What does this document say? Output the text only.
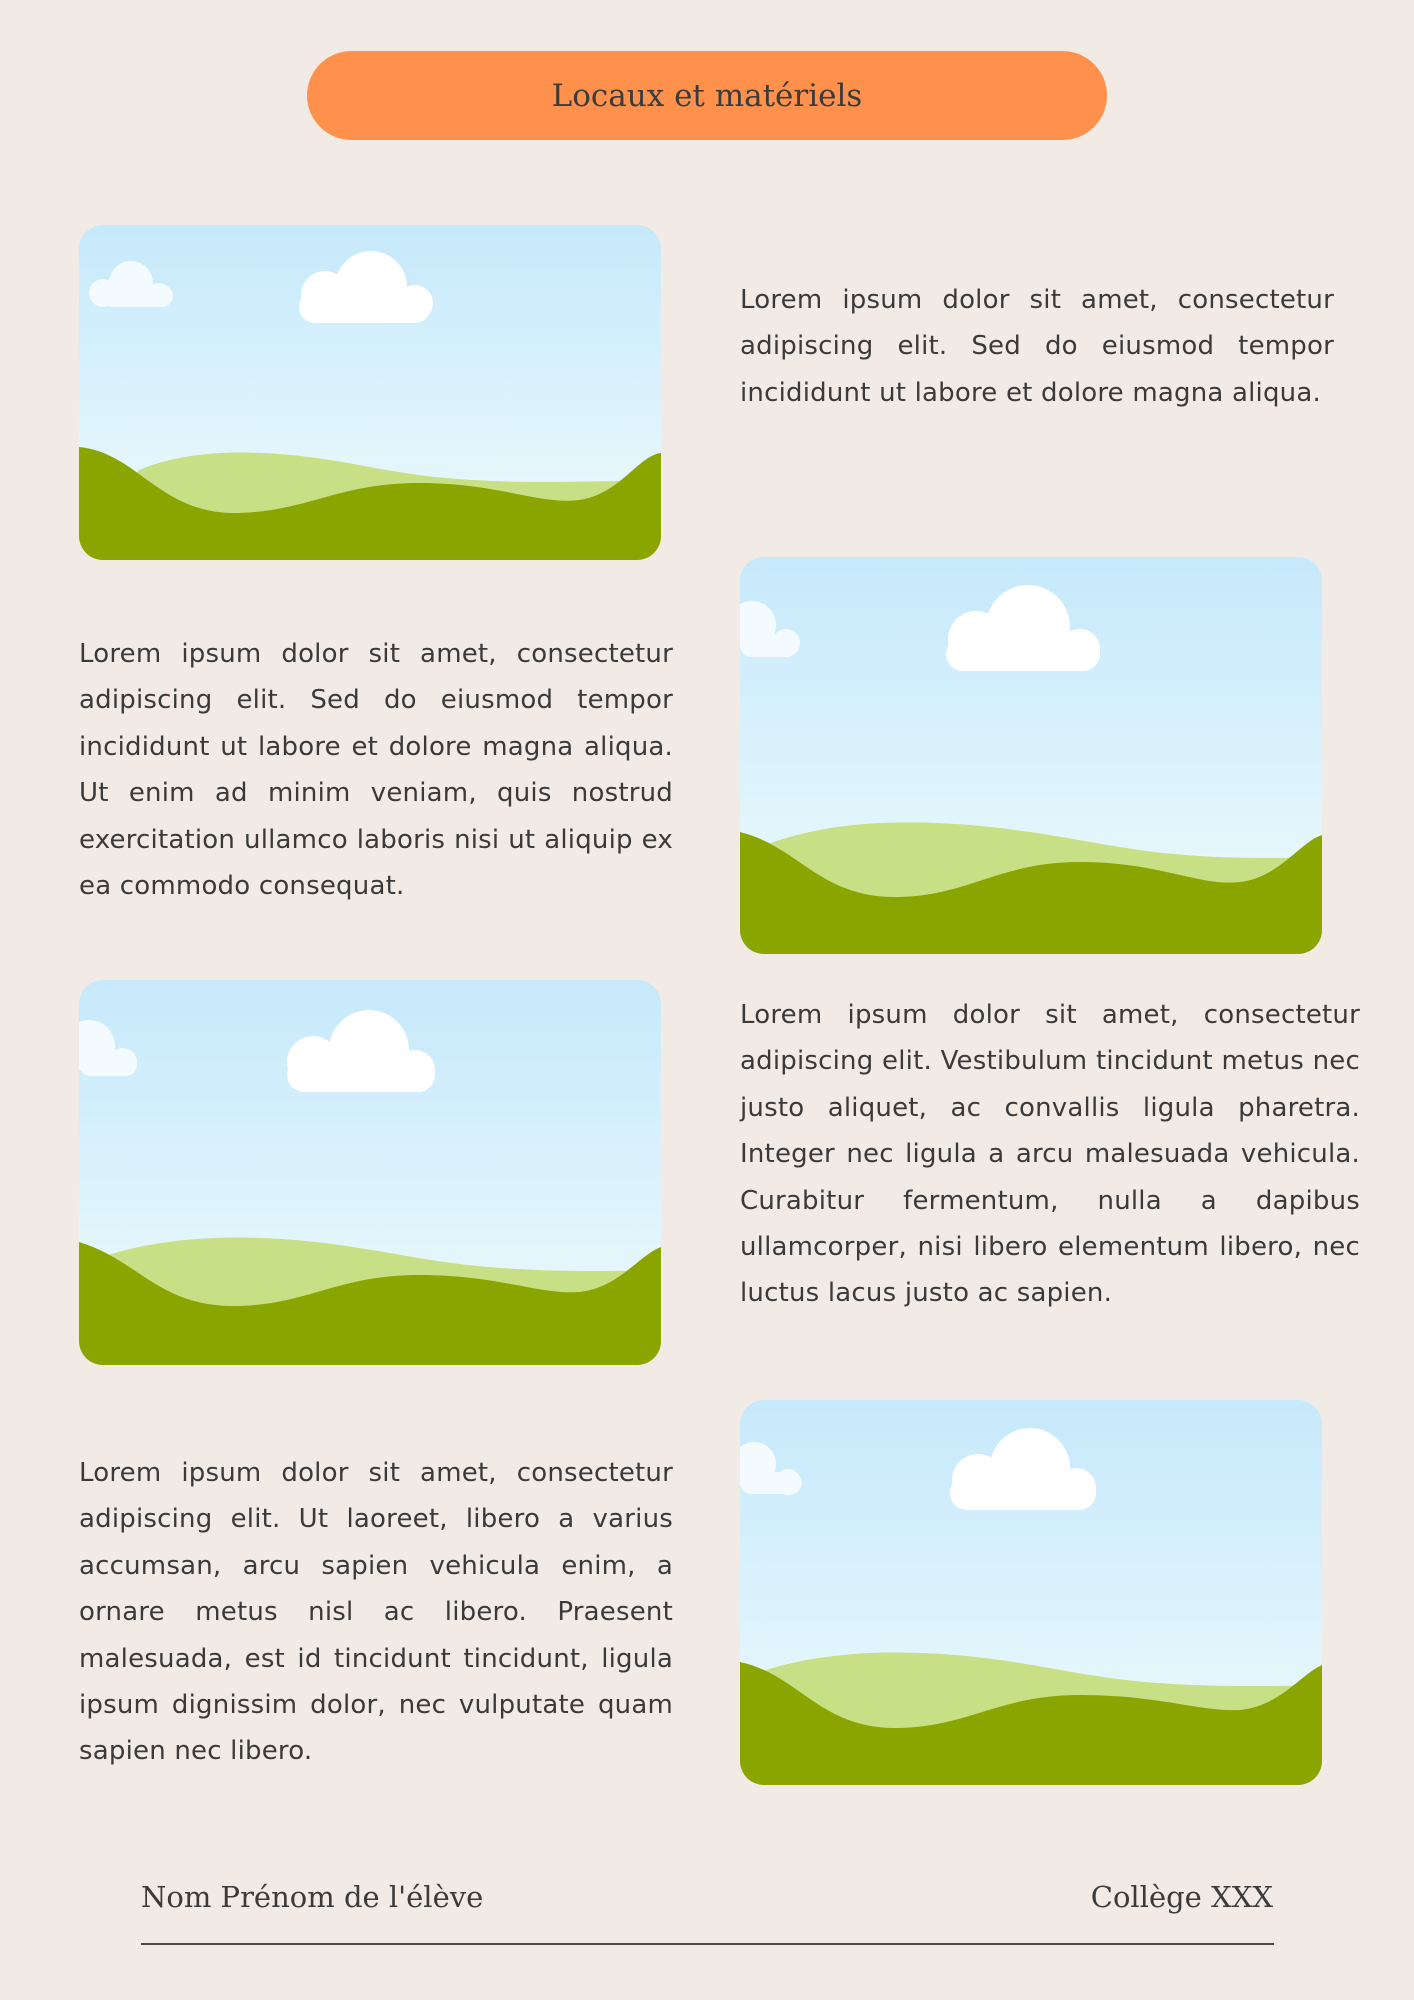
Locaux et matériels

Lorem ipsum dolor sit amet, consectetur adipiscing elit. Sed do eiusmod tempor incididunt ut labore et dolore magna aliqua.

Lorem ipsum dolor sit amet, consectetur adipiscing elit. Sed do eiusmod tempor incididunt ut labore et dolore magna aliqua. Ut enim ad minim veniam, quis nostrud exercitation ullamco laboris nisi ut aliquip ex ea commodo consequat.

Lorem ipsum dolor sit amet, consectetur adipiscing elit. Vestibulum tincidunt metus nec justo aliquet, ac convallis ligula pharetra. Integer nec ligula a arcu malesuada vehicula. Curabitur fermentum, nulla a dapibus ullamcorper, nisi libero elementum libero, nec luctus lacus justo ac sapien.

Lorem ipsum dolor sit amet, consectetur adipiscing elit. Ut laoreet, libero a varius accumsan, arcu sapien vehicula enim, a ornare metus nisl ac libero. Praesent malesuada, est id tincidunt tincidunt, ligula ipsum dignissim dolor, nec vulputate quam sapien nec libero.

Nom Prénom de l'élève	Collège XXX
